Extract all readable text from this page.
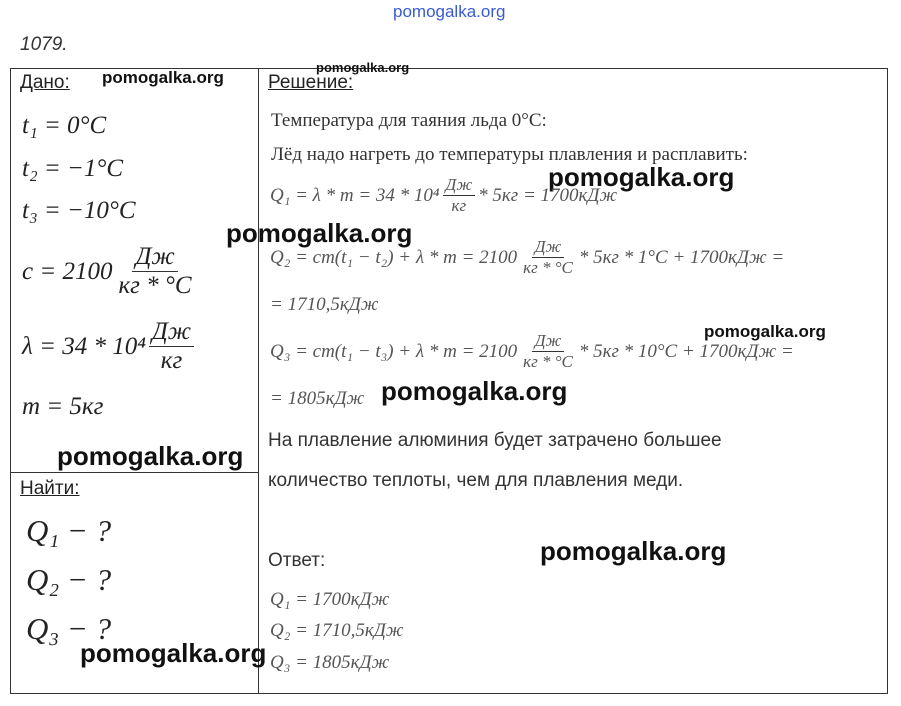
pomogalka.org
1079.
Дано: pomogalka.org
t₁ = 0°C
t₂ = −1°C
t₃ = −10°C
$c = 2100 \frac{Дж}{кг * ^\circ C}$
$\lambda = 34 * 10^4 \frac{Дж}{кг}$
m = 5кг
pomogalka.org
Найти:
Q₁ − ?
Q₂ − ?
Q₃ − ?
pomogalka.org
Решение:
pomogalka.org
Температура для таяния льда 0°C:
Лёд надо нагреть до температуры плавления и расплавить:
pomogalka.org
$Q_1 = \lambda * m = 34 * 10^4 \frac{Дж}{кг} * 5кг = 1700кДж$
pomogalka.org
$Q_2 = cm(t_1 - t_2) + \lambda * m = 2100 \frac{Дж}{кг * ^\circ C} * 5кг * 1^\circ C + 1700кДж$ =
= 1710,5кДж
pomogalka.org
$Q_3 = cm(t_1 - t_3) + \lambda * m = 2100 \frac{Дж}{кг * ^\circ C} * 5кг * 10^\circ C + 1700кДж$ =
= 1805кДж pomogalka.org
На плавление алюминия будет затрачено большее
количество теплоты, чем для плавления меди.
pomogalka.org
Ответ:
Q₁ = 1700кДж
Q₂ = 1710,5кДж
Q₃ = 1805кДж
